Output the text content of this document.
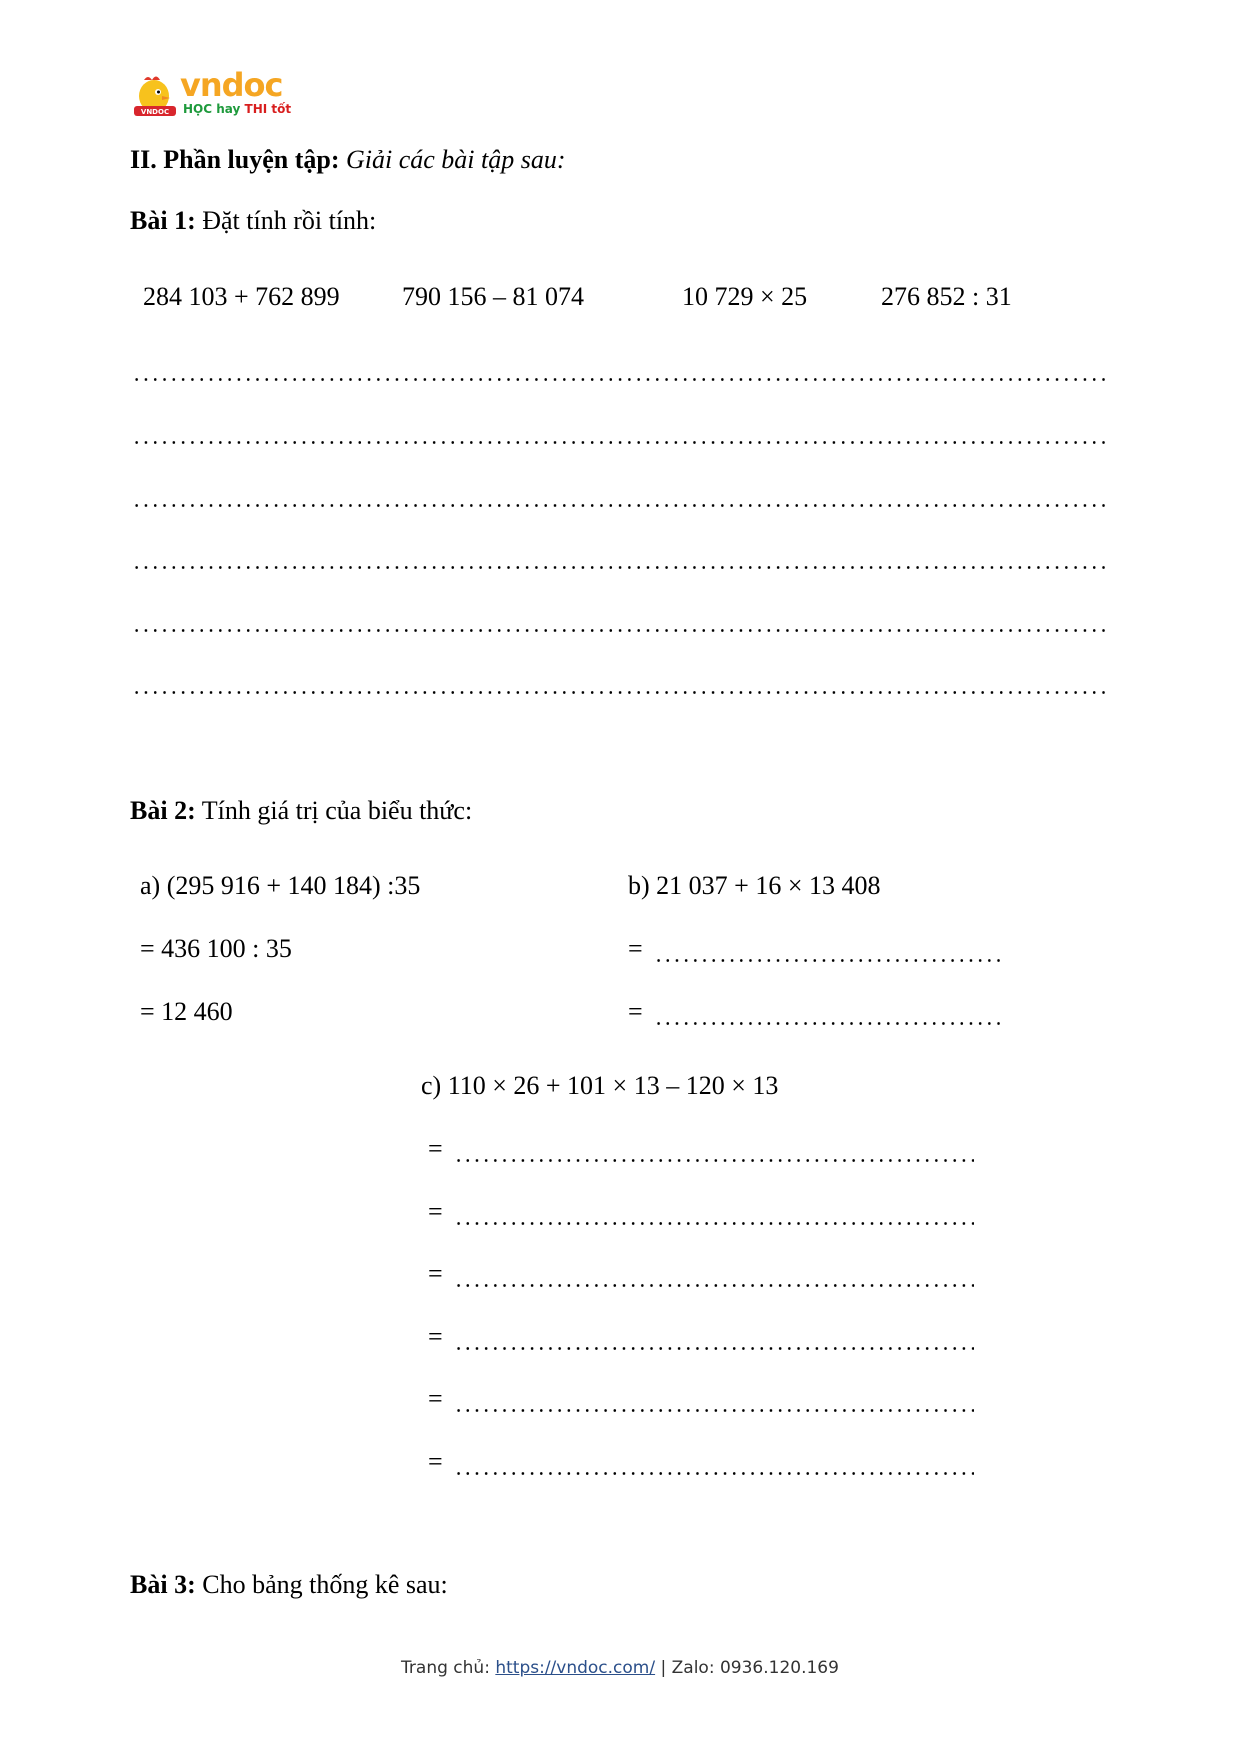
VNDOC
vndoc
HỌC hay THI tốt
II. Phần luyện tập: Giải các bài tập sau:
Bài 1: Đặt tính rồi tính:
284 103 + 762 899 790 156 – 81 074	10 729 × 25	276 852 : 31
Bài 2: Tính giá trị của biểu thức:
a) (295 916 + 140 184) :35
= 436 100 : 35
= 12 460
b) 21 037 + 16 × 13 408
=
=
c) 110 × 26 + 101 × 13 – 120 × 13
=
=
=
=
=
=
Bài 3: Cho bảng thống kê sau:
Trang chủ: https://vndoc.com/ | Zalo: 0936.120.169
